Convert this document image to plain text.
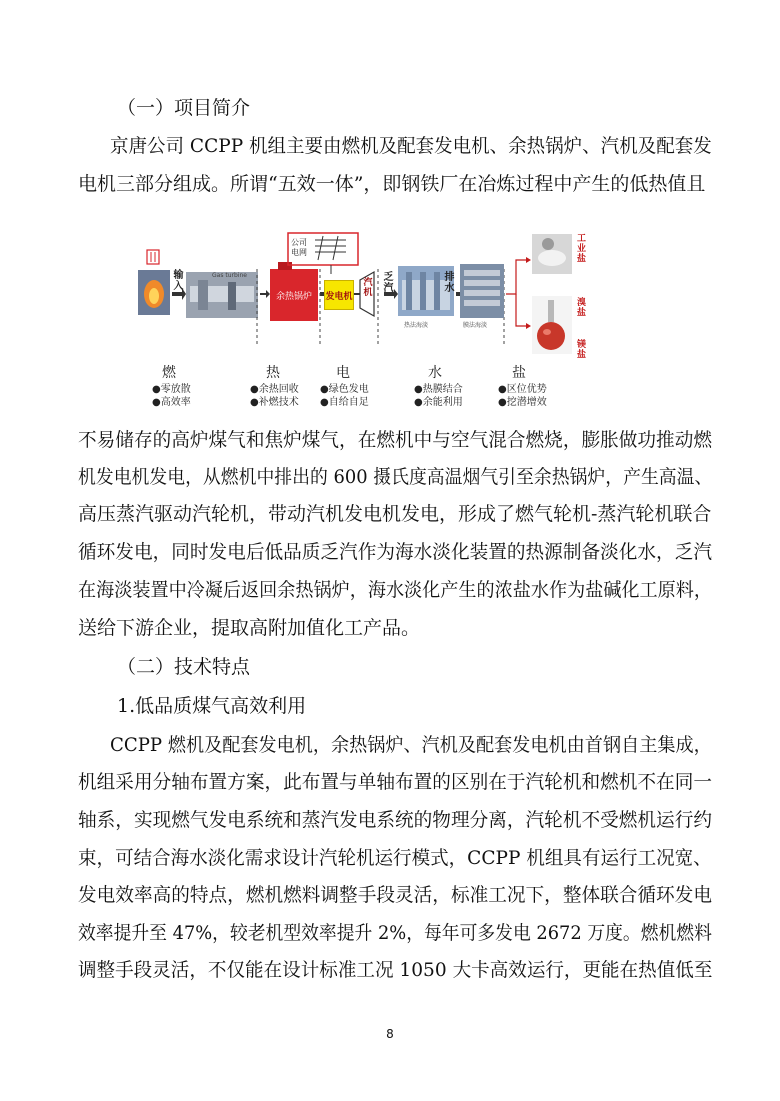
（一）项目简介
京唐公司 CCPP 机组主要由燃机及配套发电机、余热锅炉、汽机及配套发
电机三部分组成。所谓“五效一体”，即钢铁厂在冶炼过程中产生的低热值且
输
入
Gas turbine
余热锅炉
公司
电网
发电机
汽机
乏
汽
热法海淡
排
水
膜法海淡
工
业
盐
溴
盐
镁
盐
燃
●零放散
●高效率
热
●余热回收
●补燃技术
电
●绿色发电
●自给自足
水
●热膜结合
●余能利用
盐
●区位优势
●挖潜增效
不易储存的高炉煤气和焦炉煤气，在燃机中与空气混合燃烧，膨胀做功推动燃
机发电机发电，从燃机中排出的 600 摄氏度高温烟气引至余热锅炉，产生高温、
高压蒸汽驱动汽轮机，带动汽机发电机发电，形成了燃气轮机-蒸汽轮机联合
循环发电，同时发电后低品质乏汽作为海水淡化装置的热源制备淡化水，乏汽
在海淡装置中冷凝后返回余热锅炉，海水淡化产生的浓盐水作为盐碱化工原料，
送给下游企业，提取高附加值化工产品。
（二）技术特点
1.低品质煤气高效利用
CCPP 燃机及配套发电机，余热锅炉、汽机及配套发电机由首钢自主集成，
机组采用分轴布置方案，此布置与单轴布置的区别在于汽轮机和燃机不在同一
轴系，实现燃气发电系统和蒸汽发电系统的物理分离，汽轮机不受燃机运行约
束，可结合海水淡化需求设计汽轮机运行模式，CCPP 机组具有运行工况宽、
发电效率高的特点，燃机燃料调整手段灵活，标准工况下，整体联合循环发电
效率提升至 47%，较老机型效率提升 2%，每年可多发电 2672 万度。燃机燃料
调整手段灵活，不仅能在设计标准工况 1050 大卡高效运行，更能在热值低至
8
